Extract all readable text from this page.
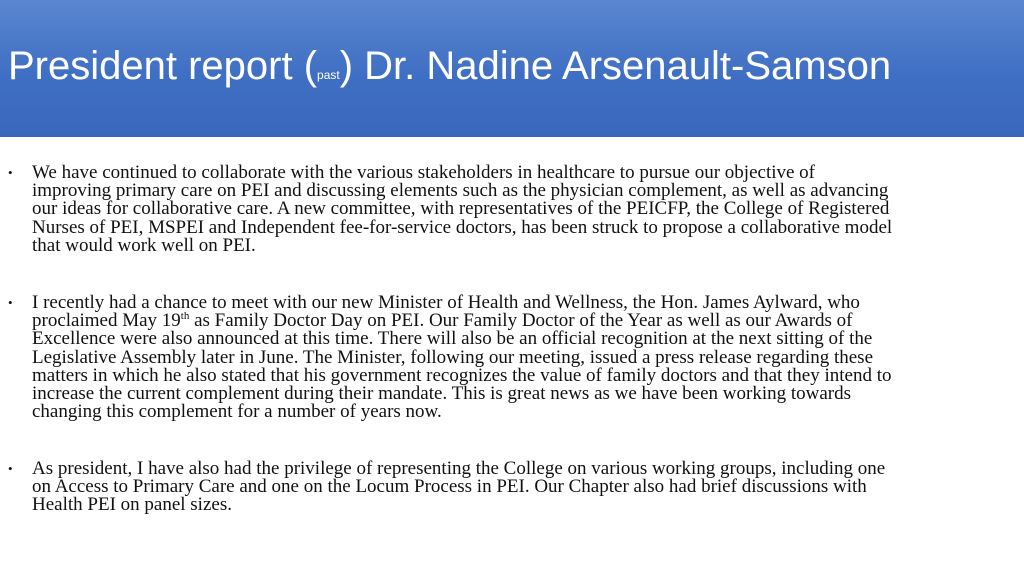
President report (past) Dr. Nadine Arsenault-Samson
• We have continued to collaborate with the various stakeholders in healthcare to pursue our objective of
improving primary care on PEI and discussing elements such as the physician complement, as well as advancing
our ideas for collaborative care. A new committee, with representatives of the PEICFP, the College of Registered
Nurses of PEI, MSPEI and Independent fee-for-service doctors, has been struck to propose a collaborative model
that would work well on PEI.
• I recently had a chance to meet with our new Minister of Health and Wellness, the Hon. James Aylward, who
proclaimed May 19th as Family Doctor Day on PEI. Our Family Doctor of the Year as well as our Awards of
Excellence were also announced at this time. There will also be an official recognition at the next sitting of the
Legislative Assembly later in June. The Minister, following our meeting, issued a press release regarding these
matters in which he also stated that his government recognizes the value of family doctors and that they intend to
increase the current complement during their mandate. This is great news as we have been working towards
changing this complement for a number of years now.
• As president, I have also had the privilege of representing the College on various working groups, including one
on Access to Primary Care and one on the Locum Process in PEI. Our Chapter also had brief discussions with
Health PEI on panel sizes.
